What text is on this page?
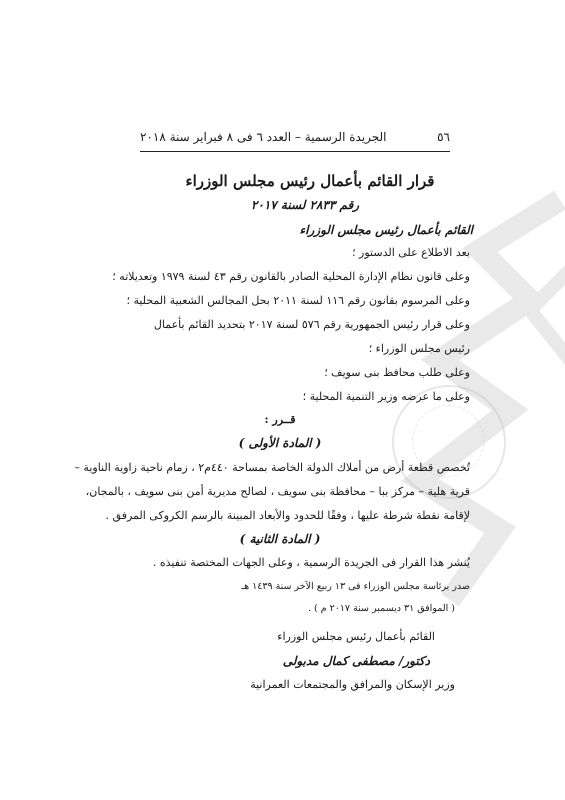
٥٦
الجريدة الرسمية – العدد ٦ فى ٨ فبراير سنة ٢٠١٨
قرار القائم بأعمال رئيس مجلس الوزراء
رقم ٢٨٣٣ لسنة ٢٠١٧
القائم بأعمال رئيس مجلس الوزراء
بعد الاطلاع على الدستور ؛
وعلى قانون نظام الإدارة المحلية الصادر بالقانون رقم ٤٣ لسنة ١٩٧٩ وتعديلاته ؛
وعلى المرسوم بقانون رقم ١١٦ لسنة ٢٠١١ بحل المجالس الشعبية المحلية ؛
وعلى قرار رئيس الجمهورية رقم ٥٧٦ لسنة ٢٠١٧ بتحديد القائم بأعمال
رئيس مجلس الوزراء ؛
وعلى طلب محافظ بنى سويف ؛
وعلى ما عرضه وزير التنمية المحلية ؛
قــرر :
( المادة الأولى )
تُخصص قطعة أرض من أملاك الدولة الخاصة بمساحة ٤٤٠م٢ ، زمام ناحية زاوية الناوية –
قرية هلية – مركز ببا – محافظة بنى سويف ، لصالح مديرية أمن بنى سويف ، بالمجان،
لإقامة نقطة شرطة عليها ، وفقًا للحدود والأبعاد المبينة بالرسم الكروكى المرفق .
( المادة الثانية )
يُنشر هذا القرار فى الجريدة الرسمية ، وعلى الجهات المختصة تنفيذه .
صدر برئاسة مجلس الوزراء فى ١٣ ربيع الآخر سنة ١٤٣٩ هـ
( الموافق ٣١ ديسمبر سنة ٢٠١٧ م ) .
القائم بأعمال رئيس مجلس الوزراء
دكتور/ مصطفى كمال مدبولى
وزير الإسكان والمرافق والمجتمعات العمرانية
